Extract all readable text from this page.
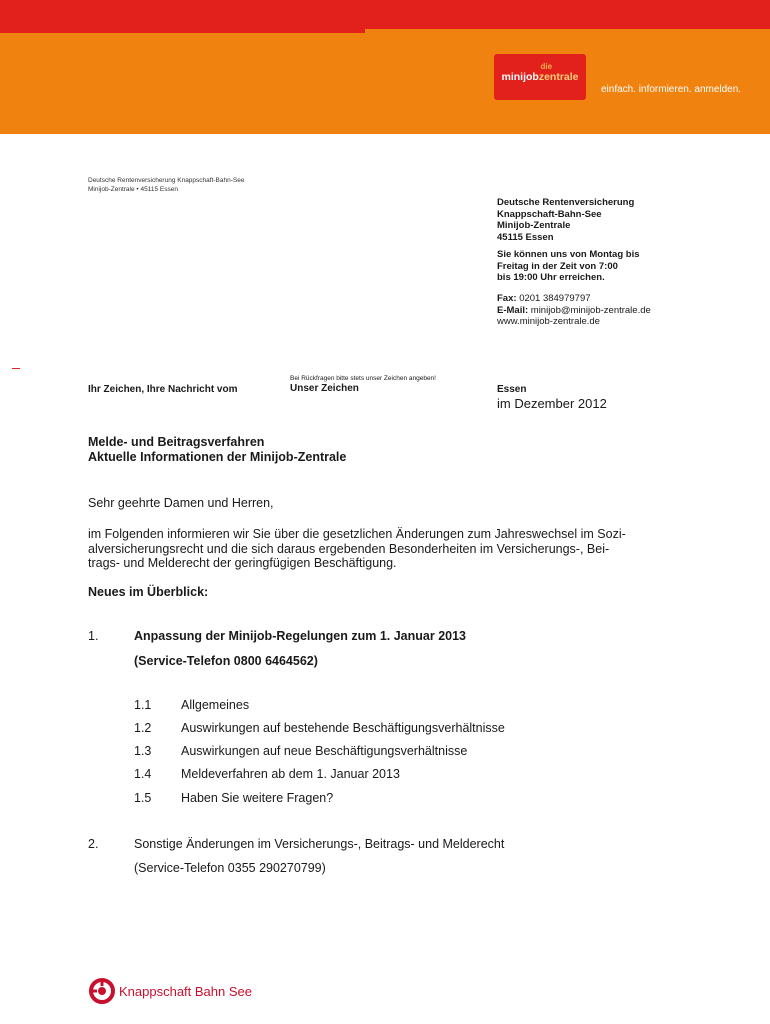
die
minijobzentrale
einfach. informieren. anmelden.
Deutsche Rentenversicherung Knappschaft-Bahn-See
Minijob-Zentrale • 45115 Essen
Deutsche Rentenversicherung
Knappschaft-Bahn-See
Minijob-Zentrale
45115 Essen
Sie können uns von Montag bis
Freitag in der Zeit von 7:00
bis 19:00 Uhr erreichen.
Fax: 0201 384979797
E-Mail: minijob@minijob-zentrale.de
www.minijob-zentrale.de
Bei Rückfragen bitte stets unser Zeichen angeben!
Ihr Zeichen, Ihre Nachricht vom	Unser Zeichen	Essen
im Dezember 2012
Melde- und Beitragsverfahren
Aktuelle Informationen der Minijob-Zentrale
Sehr geehrte Damen und Herren,
im Folgenden informieren wir Sie über die gesetzlichen Änderungen zum Jahreswechsel im Sozi-
alversicherungsrecht und die sich daraus ergebenden Besonderheiten im Versicherungs-, Bei-
trags- und Melderecht der geringfügigen Beschäftigung.
Neues im Überblick:
1.	Anpassung der Minijob-Regelungen zum 1. Januar 2013
(Service-Telefon 0800 6464562)
1.1 Allgemeines
1.2 Auswirkungen auf bestehende Beschäftigungsverhältnisse
1.3 Auswirkungen auf neue Beschäftigungsverhältnisse
1.4 Meldeverfahren ab dem 1. Januar 2013
1.5 Haben Sie weitere Fragen?
2.	Sonstige Änderungen im Versicherungs-, Beitrags- und Melderecht
(Service-Telefon 0355 290270799)
Knappschaft Bahn See
